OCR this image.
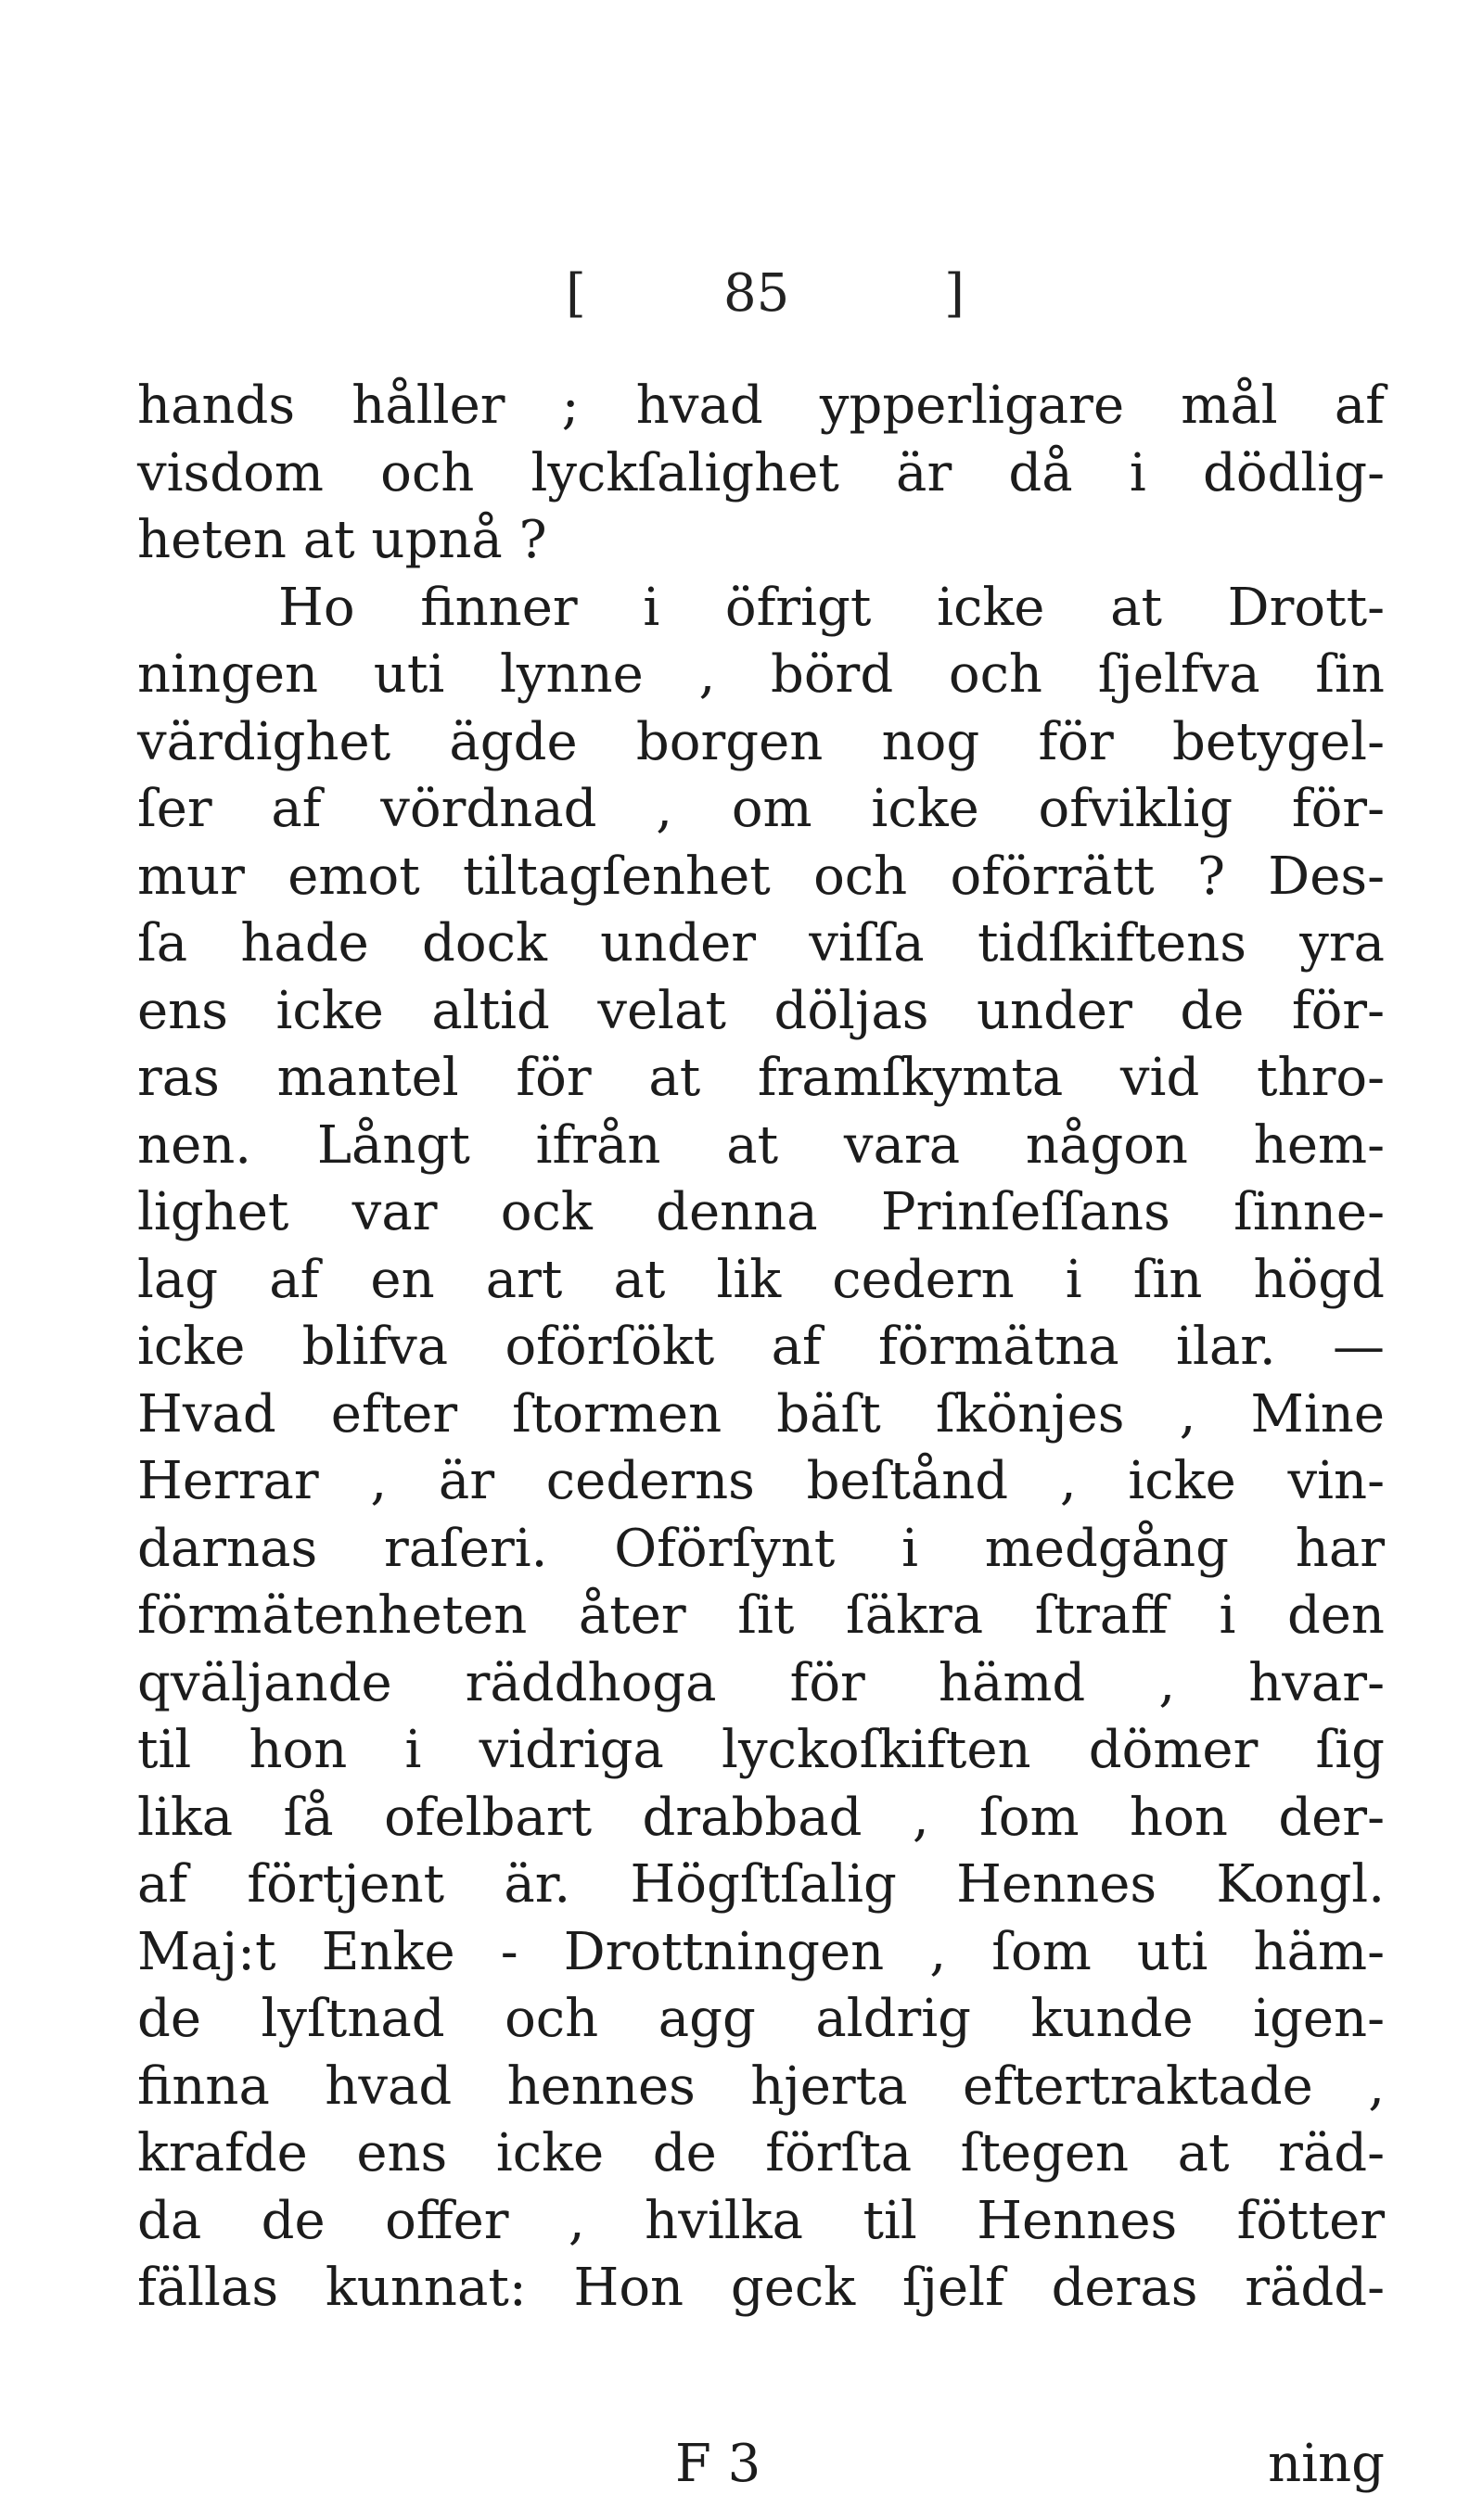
[	85	]
hands håller ; hvad ypperligare mål af
visdom och lyckſalighet är då i dödlig-
heten at upnå ?
Ho finner i öfrigt icke at Drott-
ningen uti lynne , börd och ſjelfva ſin
värdighet ägde borgen nog för betygel-
ſer af vördnad , om icke ofviklig för-
mur emot tiltagſenhet och oförrätt ? Des-
ſa hade dock under viſſa tidſkiftens yra
ens icke altid velat döljas under de för-
ras mantel för at framſkymta vid thro-
nen. Långt ifrån at vara någon hem-
lighet var ock denna Prinſeſſans ſinne-
lag af en art at lik cedern i ſin högd
icke blifva oförſökt af förmätna ilar. —
Hvad efter ſtormen bäſt ſkönjes , Mine
Herrar , är cederns beſtånd , icke vin-
darnas raſeri. Oförſynt i medgång har
förmätenheten åter ſit ſäkra ſtraff i den
qväljande räddhoga för hämd , hvar-
til hon i vidriga lyckoſkiften dömer ſig
lika ſå ofelbart drabbad , ſom hon der-
af förtjent är. Högſtſalig Hennes Kongl.
Maj:t Enke - Drottningen , ſom uti häm-
de lyſtnad och agg aldrig kunde igen-
finna hvad hennes hjerta eftertraktade ,
krafde ens icke de förſta ſtegen at räd-
da de offer , hvilka til Hennes fötter
fällas kunnat: Hon geck ſjelf deras rädd-
F 3	ning
